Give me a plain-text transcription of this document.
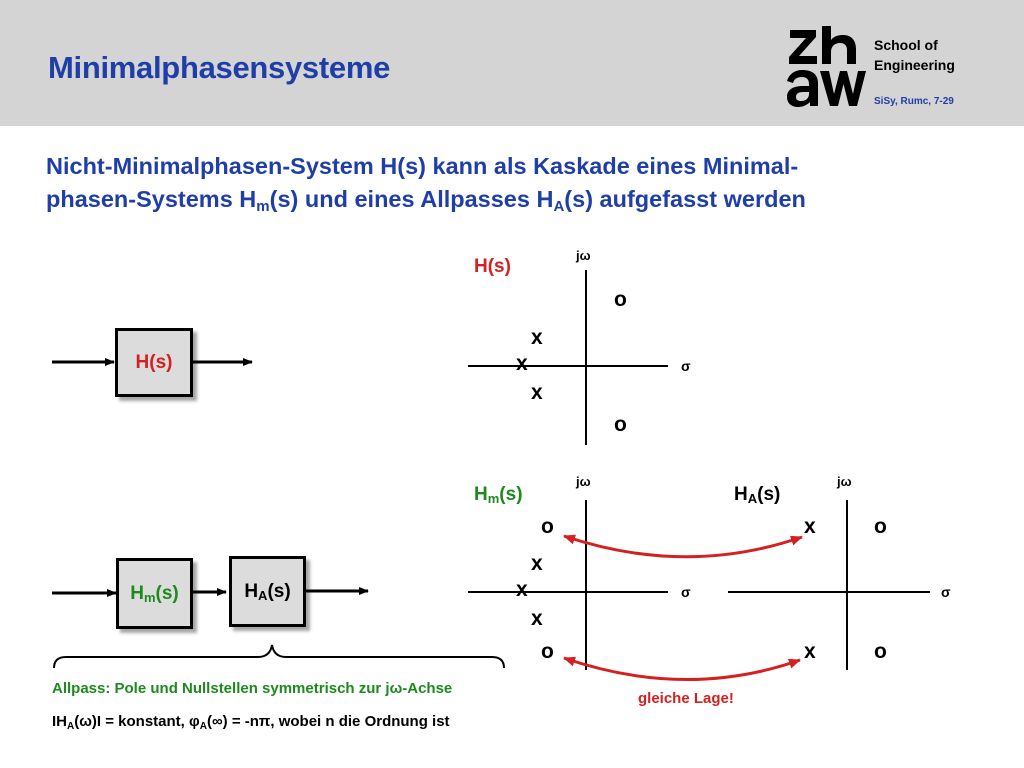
Minimalphasensysteme
School of
Engineering
SiSy, Rumc, 7-29
Nicht-Minimalphasen-System H(s) kann als Kaskade eines Minimal-
phasen-Systems $H_m(s)$ und eines Allpasses $H_A(s)$ aufgefasst werden
H(s)
$H_m(s)$	$H_A(s)$
H(s)
jω
σ
o
x
x
x
o
$H_m(s)$
jω
σ
o
x
x
x
o
$H_A(s)$
jω
σ
x	o
x	o
Allpass: Pole und Nullstellen symmetrisch zur jω-Achse
$IH_A(\omega)I$ = konstant, $\varphi_A(\infty) = -n\pi$, wobei n die Ordnung ist
gleiche Lage!
